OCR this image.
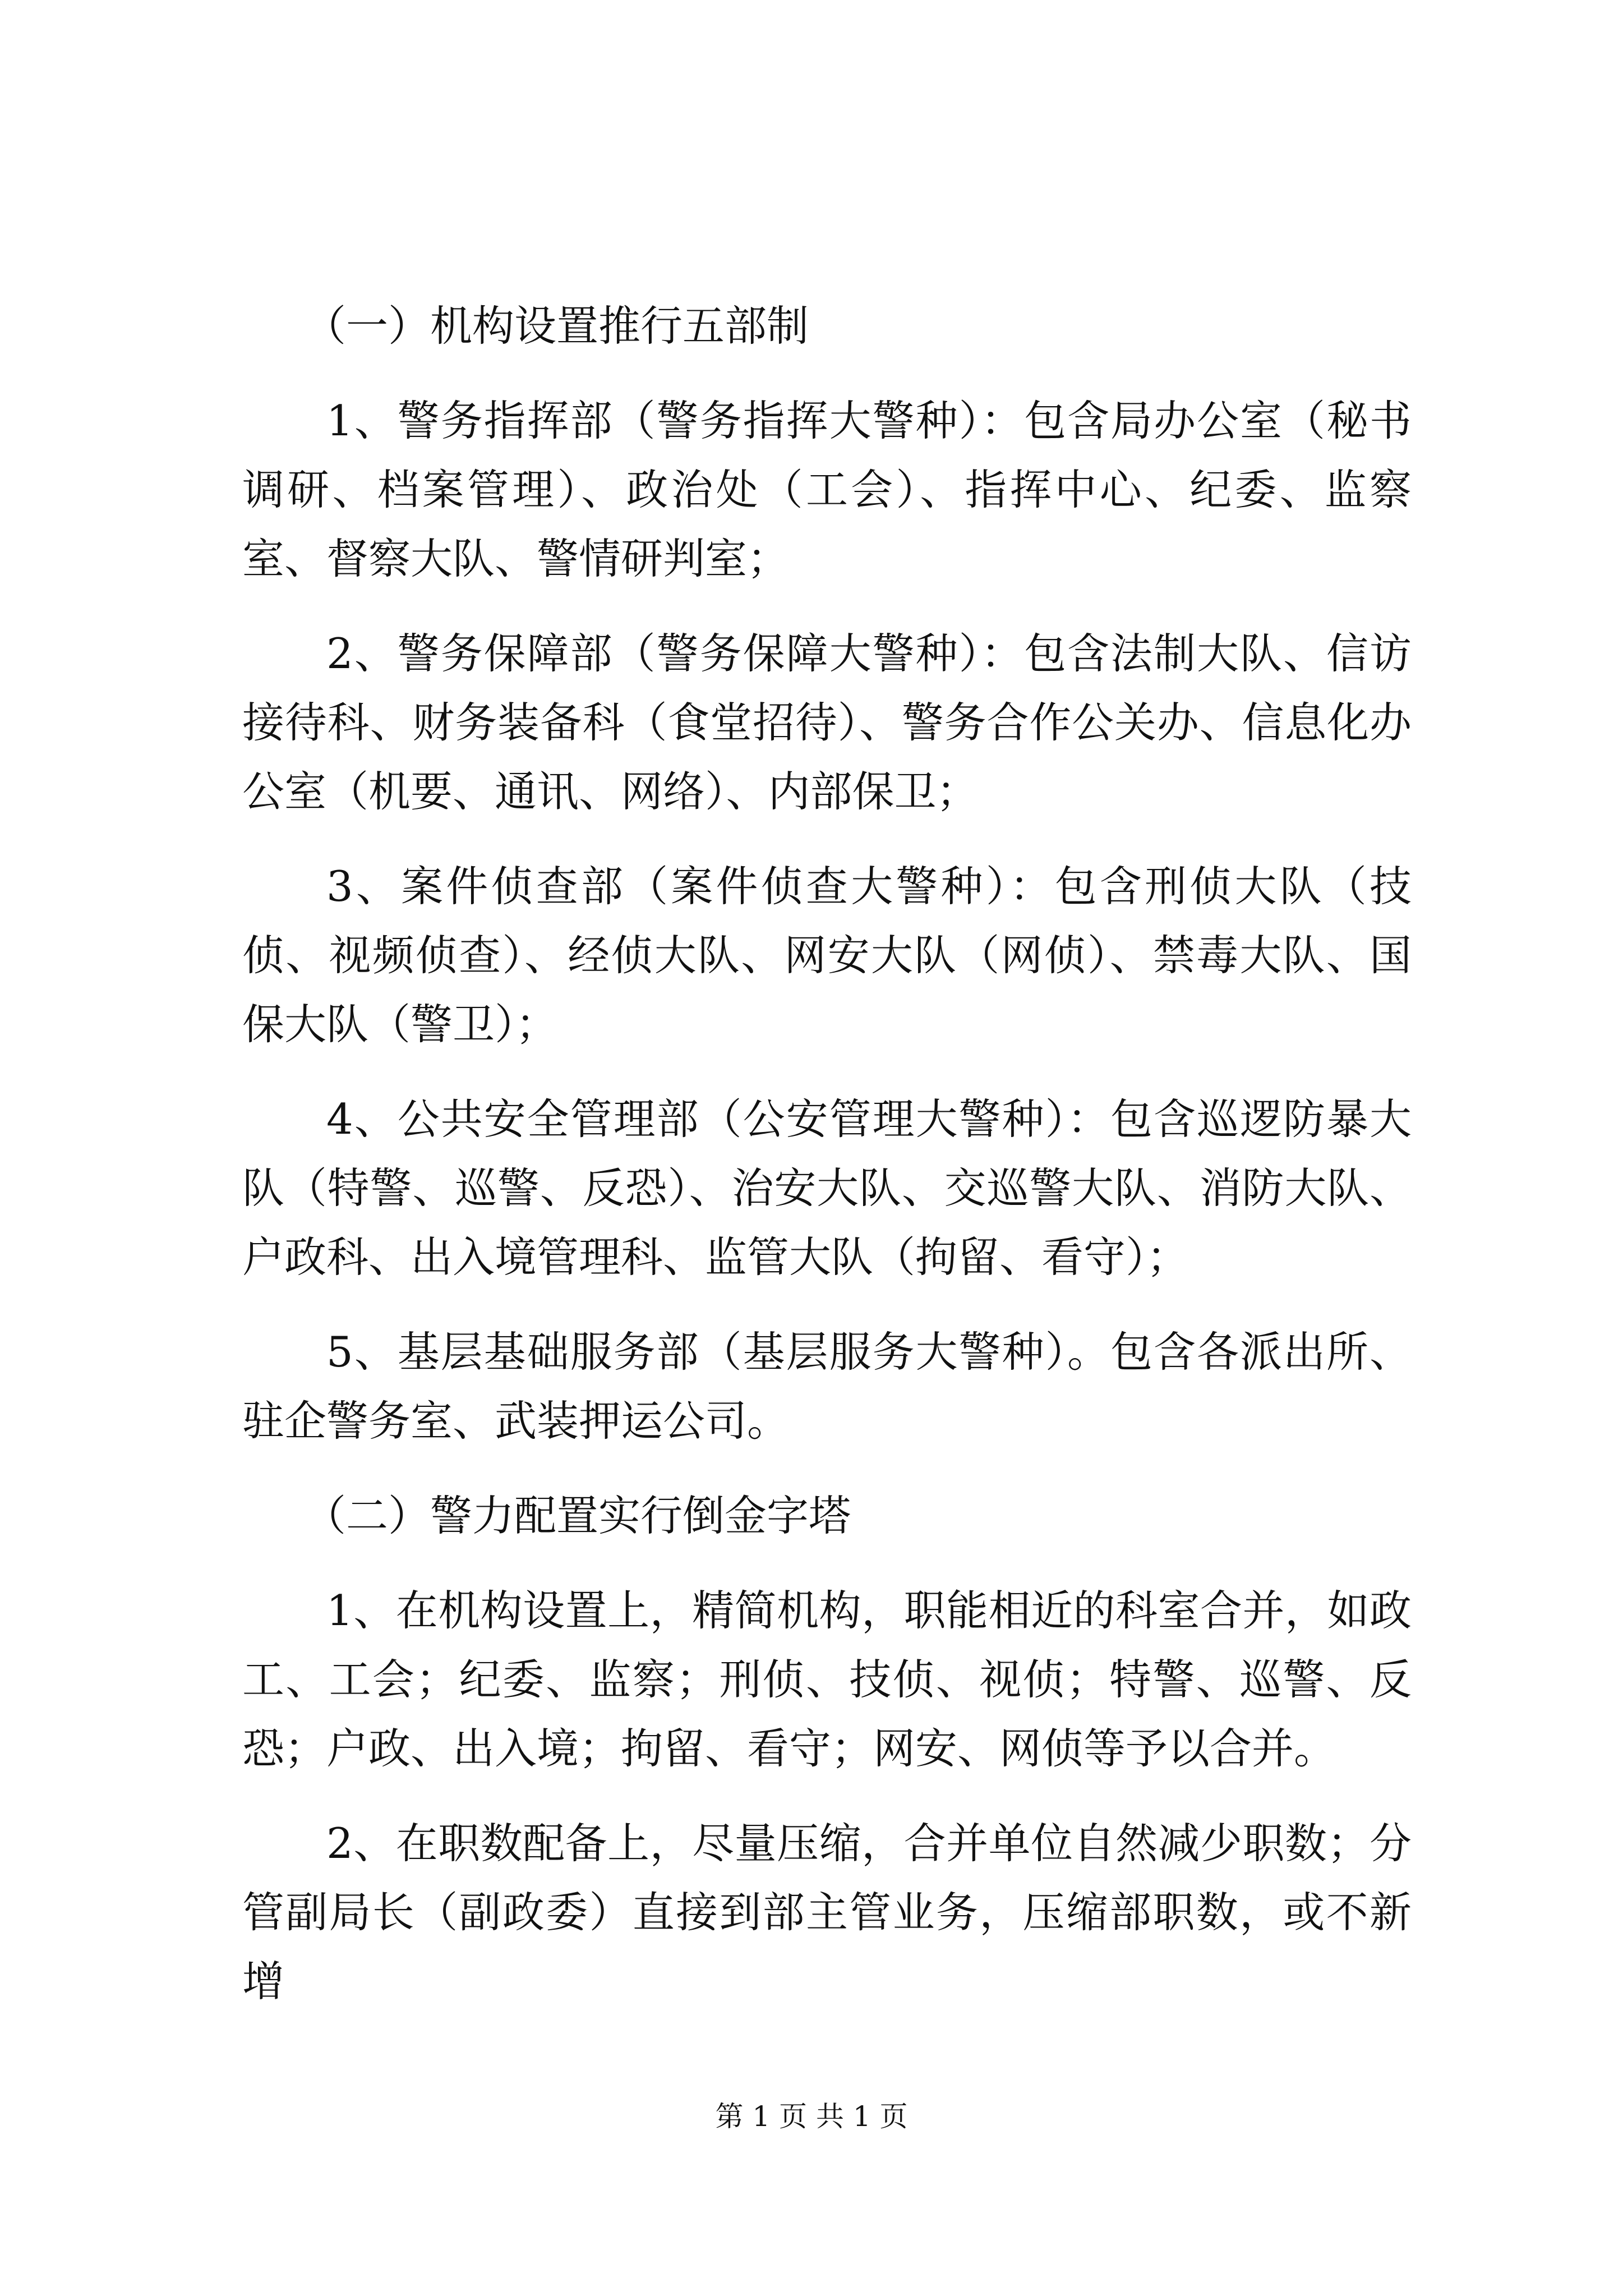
（一）机构设置推行五部制

1、警务指挥部（警务指挥大警种）：包含局办公室（秘书调研、档案管理）、政治处（工会）、指挥中心、纪委、监察室、督察大队、警情研判室；

2、警务保障部（警务保障大警种）：包含法制大队、信访接待科、财务装备科（食堂招待）、警务合作公关办、信息化办公室（机要、通讯、网络）、内部保卫；

3、案件侦查部（案件侦查大警种）：包含刑侦大队（技侦、视频侦查）、经侦大队、网安大队（网侦）、禁毒大队、国保大队（警卫）；

4、公共安全管理部（公安管理大警种）：包含巡逻防暴大队（特警、巡警、反恐）、治安大队、交巡警大队、消防大队、户政科、出入境管理科、监管大队（拘留、看守）；

5、基层基础服务部（基层服务大警种）。包含各派出所、驻企警务室、武装押运公司。

（二）警力配置实行倒金字塔

1、在机构设置上，精简机构，职能相近的科室合并，如政工、工会；纪委、监察；刑侦、技侦、视侦；特警、巡警、反恐；户政、出入境；拘留、看守；网安、网侦等予以合并。

2、在职数配备上，尽量压缩，合并单位自然减少职数；分管副局长（副政委）直接到部主管业务，压缩部职数，或不新增

第 1 页 共 1 页
